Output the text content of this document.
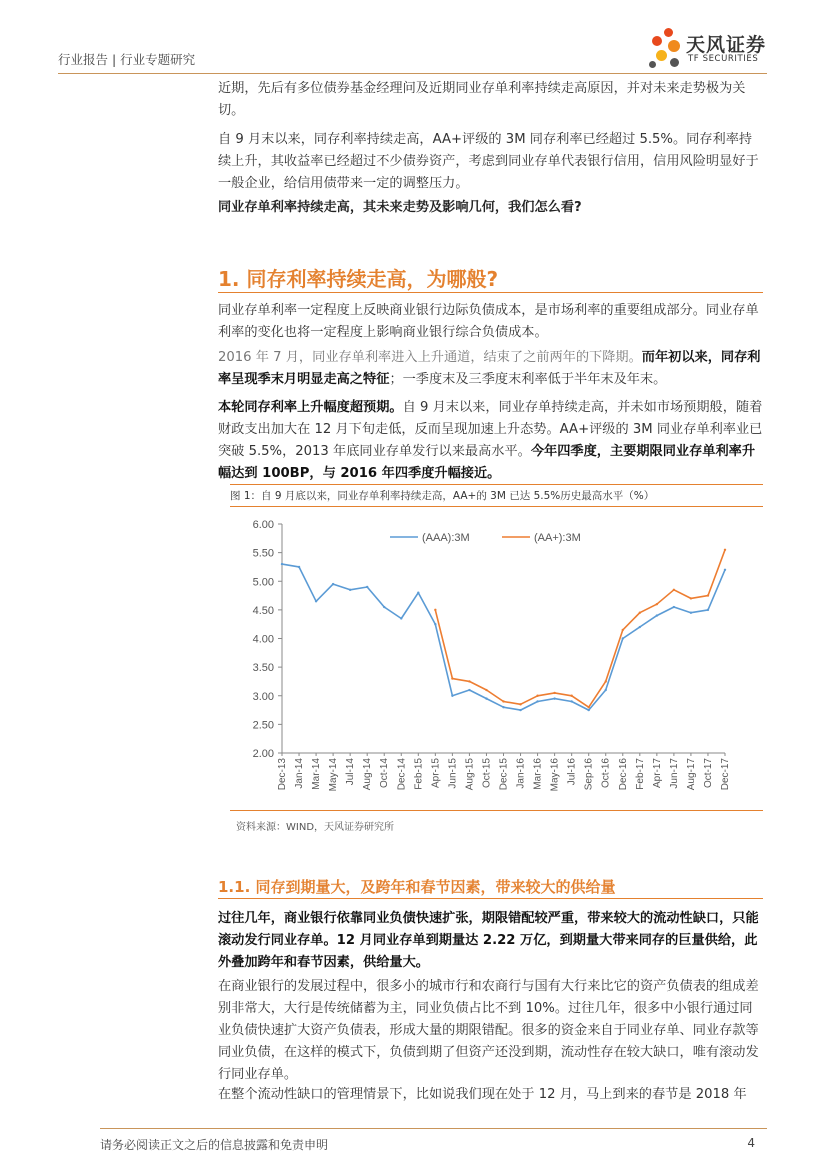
行业报告 | 行业专题研究
天风证券
TF SECURITIES

近期，先后有多位债券基金经理问及近期同业存单利率持续走高原因，并对未来走势极为关切。

自 9 月末以来，同存利率持续走高，AA+评级的 3M 同存利率已经超过 5.5%。同存利率持续上升，其收益率已经超过不少债券资产，考虑到同业存单代表银行信用，信用风险明显好于一般企业，给信用债带来一定的调整压力。

同业存单利率持续走高，其未来走势及影响几何，我们怎么看?

1. 同存利率持续走高，为哪般?

同业存单利率一定程度上反映商业银行边际负债成本，是市场利率的重要组成部分。同业存单利率的变化也将一定程度上影响商业银行综合负债成本。

2016 年 7 月，同业存单利率进入上升通道，结束了之前两年的下降期。而年初以来，同存利率呈现季末月明显走高之特征；一季度末及三季度末利率低于半年末及年末。

本轮同存利率上升幅度超预期。自 9 月末以来，同业存单持续走高，并未如市场预期般，随着财政支出加大在 12 月下旬走低，反而呈现加速上升态势。AA+评级的 3M 同业存单利率业已突破 5.5%，2013 年底同业存单发行以来最高水平。今年四季度，主要期限同业存单利率升幅达到 100BP，与 2016 年四季度升幅接近。

图 1：自 9 月底以来，同业存单利率持续走高，AA+的 3M 已达 5.5%历史最高水平（%）
6.00
5.50
5.00
4.50
4.00
3.50
3.00
2.50
2.00
Dec-13 Jan-14 Mar-14 May-14 Jul-14 Aug-14 Oct-14 Dec-14 Feb-15 Apr-15 Jun-15 Aug-15 Oct-15 Dec-15 Jan-16 Mar-16 May-16 Jul-16 Sep-16 Oct-16 Dec-16 Feb-17 Apr-17 Jun-17 Aug-17 Oct-17 Dec-17
(AAA):3M	(AA+):3M
资料来源：WIND，天风证券研究所
1.1. 同存到期量大，及跨年和春节因素，带来较大的供给量

过往几年，商业银行依靠同业负债快速扩张，期限错配较严重，带来较大的流动性缺口，只能滚动发行同业存单。12 月同业存单到期量达 2.22 万亿，到期量大带来同存的巨量供给，此外叠加跨年和春节因素，供给量大。

在商业银行的发展过程中，很多小的城市行和农商行与国有大行来比它的资产负债表的组成差别非常大，大行是传统储蓄为主，同业负债占比不到 10%。过往几年，很多中小银行通过同业负债快速扩大资产负债表，形成大量的期限错配。很多的资金来自于同业存单、同业存款等同业负债，在这样的模式下，负债到期了但资产还没到期，流动性存在较大缺口，唯有滚动发行同业存单。

在整个流动性缺口的管理情景下，比如说我们现在处于 12 月，马上到来的春节是 2018 年

请务必阅读正文之后的信息披露和免责申明	4
